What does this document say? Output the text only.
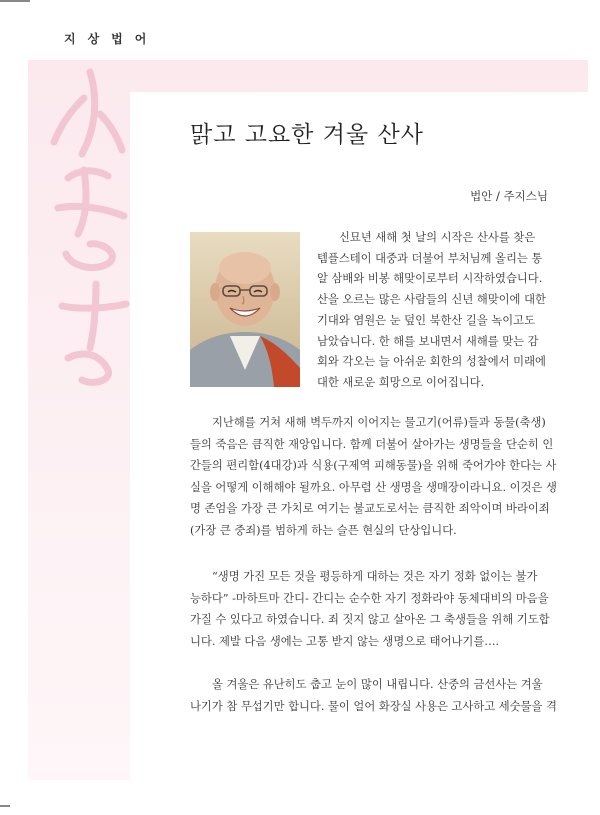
지상법어
맑고 고요한 겨울 산사
법안 / 주지스님
신묘년 새해 첫 날의 시작은 산사를 찾은
템플스테이 대중과 더불어 부처님께 올리는 통
알 삼배와 비봉 해맞이로부터 시작하였습니다.
산을 오르는 많은 사람들의 신년 해맞이에 대한
기대와 염원은 눈 덮인 북한산 길을 녹이고도
남았습니다. 한 해를 보내면서 새해를 맞는 감
회와 각오는 늘 아쉬운 회한의 성찰에서 미래에
대한 새로운 희망으로 이어집니다.
지난해를 거쳐 새해 벽두까지 이어지는 물고기(어류)들과 동물(축생)
들의 죽음은 큼직한 재앙입니다. 함께 더불어 살아가는 생명들을 단순히 인
간들의 편리함(4대강)과 식용(구제역 피해동물)을 위해 죽어가야 한다는 사
실을 어떻게 이해해야 될까요. 아무렴 산 생명을 생매장이라니요. 이것은 생
명 존엄을 가장 큰 가치로 여기는 불교도로서는 큼직한 죄악이며 바라이죄
(가장 큰 중죄)를 범하게 하는 슬픈 현실의 단상입니다.
“생명 가진 모든 것을 평등하게 대하는 것은 자기 정화 없이는 불가
능하다” -마하트마 간디- 간디는 순수한 자기 정화라야 동체대비의 마음을
가질 수 있다고 하였습니다. 죄 짓지 않고 살아온 그 축생들을 위해 기도합
니다. 제발 다음 생에는 고통 받지 않는 생명으로 태어나기를….
올 겨울은 유난히도 춥고 눈이 많이 내립니다. 산중의 금선사는 겨울
나기가 참 무섭기만 합니다. 물이 얼어 화장실 사용은 고사하고 세숫물을 격
